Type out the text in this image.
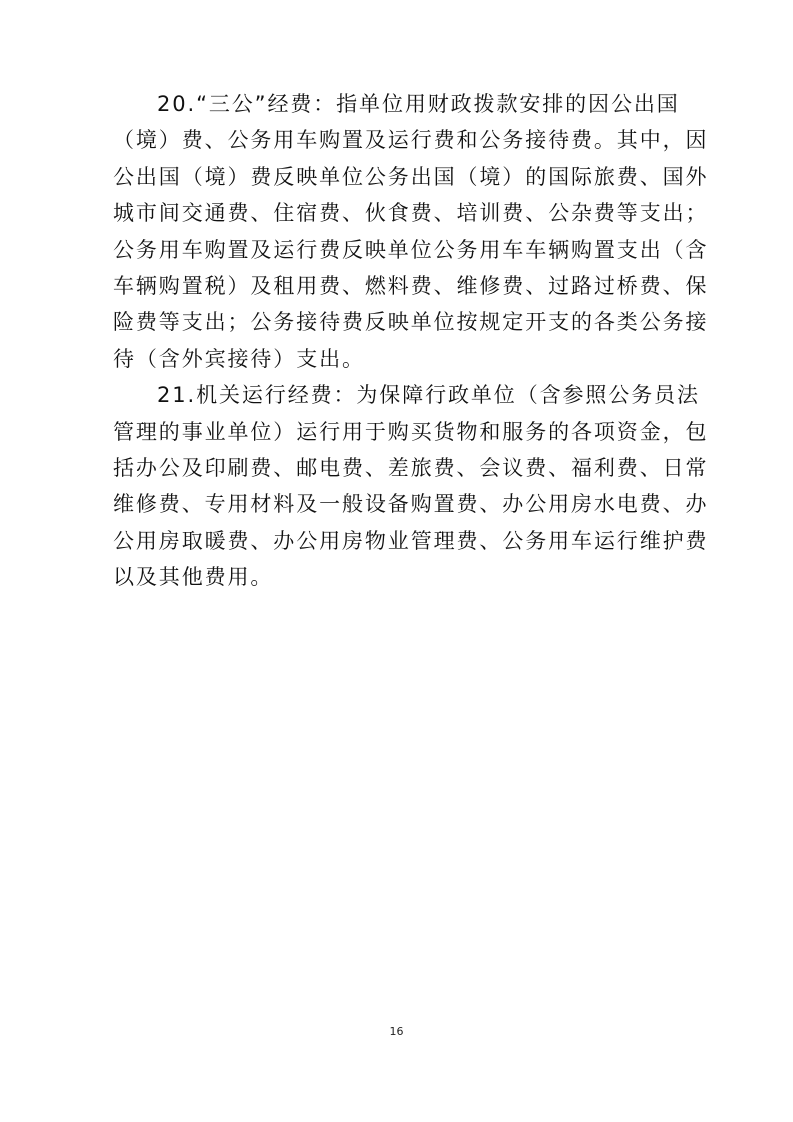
20.“三公”经费：指单位用财政拨款安排的因公出国
（境）费、公务用车购置及运行费和公务接待费。其中，因
公出国（境）费反映单位公务出国（境）的国际旅费、国外
城市间交通费、住宿费、伙食费、培训费、公杂费等支出；
公务用车购置及运行费反映单位公务用车车辆购置支出（含
车辆购置税）及租用费、燃料费、维修费、过路过桥费、保
险费等支出；公务接待费反映单位按规定开支的各类公务接
待（含外宾接待）支出。
21.机关运行经费：为保障行政单位（含参照公务员法
管理的事业单位）运行用于购买货物和服务的各项资金，包
括办公及印刷费、邮电费、差旅费、会议费、福利费、日常
维修费、专用材料及一般设备购置费、办公用房水电费、办
公用房取暖费、办公用房物业管理费、公务用车运行维护费
以及其他费用。
16
